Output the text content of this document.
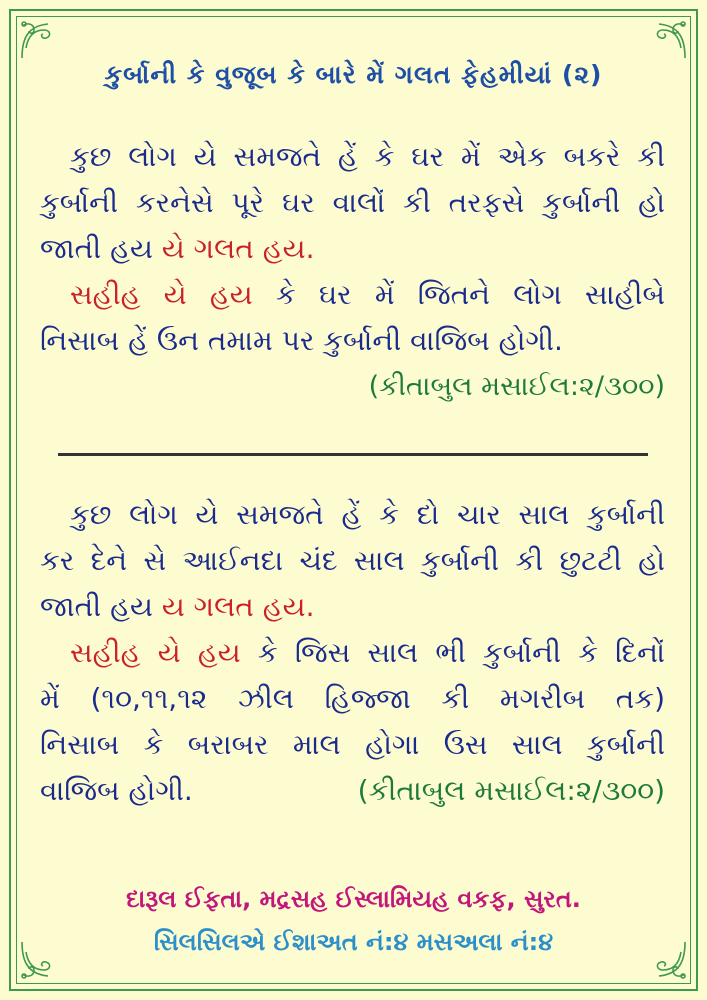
કુર્બાની કે વુજૂબ કે બારે મેં ગલત ફેહમીયાં (૨)
કુછ લોગ યે સમજતે હેં કે ઘર મેં એક બકરે કી
કુર્બાની કરનેસે પૂરે ઘર વાલોં કી તરફસે કુર્બાની હો
જાતી હય યે ગલત હય.
સહીહ યે હય કે ઘર મેં જિતને લોગ સાહીબે
નિસાબ હેં ઉન તમામ પર કુર્બાની વાજિબ હોગી.
(કીતાબુલ મસાઈલ:૨/૩૦૦)
કુછ લોગ યે સમજતે હેં કે દો ચાર સાલ કુર્બાની
કર દેને સે આઈનદા ચંદ સાલ કુર્બાની કી છુટટી હો
જાતી હય ય ગલત હય.
સહીહ યે હય કે જિસ સાલ ભી કુર્બાની કે દિનોં
મેં (૧૦,૧૧,૧૨ ઝીલ હિજ્જા કી મગરીબ તક)
નિસાબ કે બરાબર માલ હોગા ઉસ સાલ કુર્બાની
વાજિબ હોગી.	(કીતાબુલ મસાઈલ:૨/૩૦૦)
દારૂલ ઈફતા, મદ્રસહ ઈસ્લામિયહ વકફ, સુરત.
સિલસિલએ ઈશાઅત નં:૪ મસઅલા નં:૪
